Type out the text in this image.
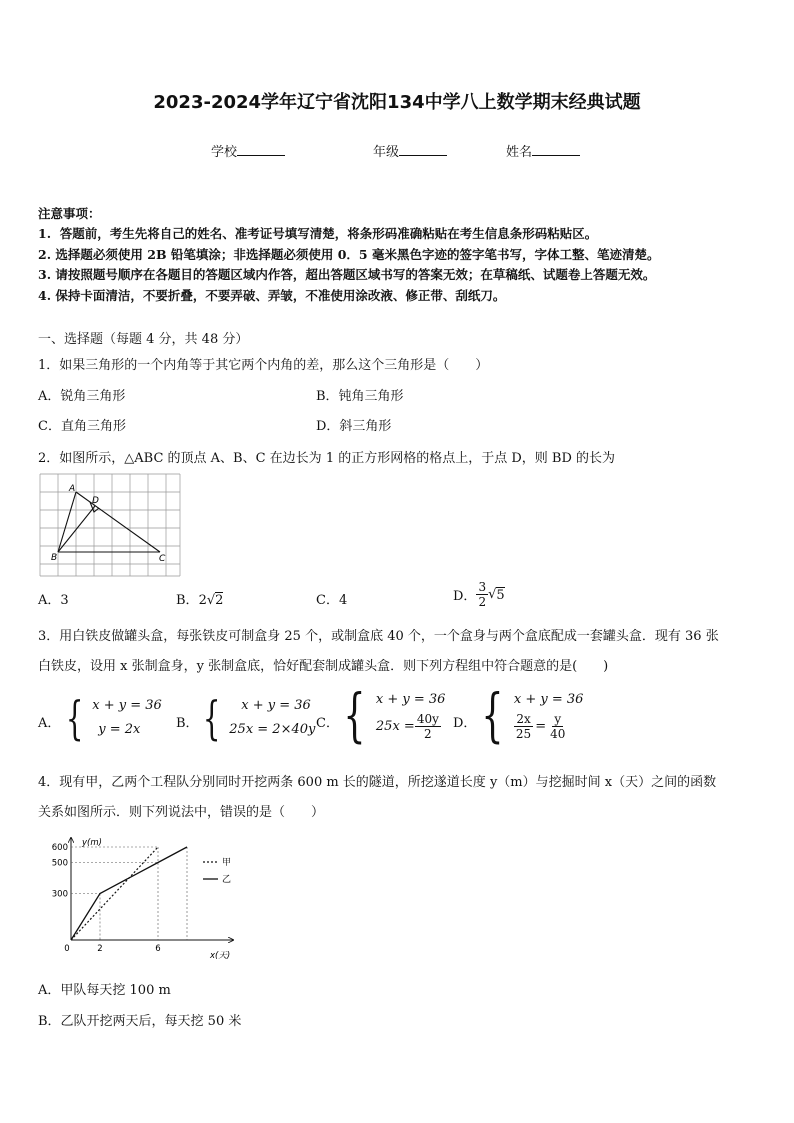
2023-2024学年辽宁省沈阳134中学八上数学期末经典试题
学校	年级	姓名
注意事项：
1.  答题前，考生先将自己的姓名、准考证号填写清楚，将条形码准确粘贴在考生信息条形码粘贴区。
2. 选择题必须使用 2B 铅笔填涂；非选择题必须使用 0．5 毫米黑色字迹的签字笔书写，字体工整、笔迹清楚。
3. 请按照题号顺序在各题目的答题区域内作答，超出答题区域书写的答案无效；在草稿纸、试题卷上答题无效。
4. 保持卡面清洁，不要折叠，不要弄破、弄皱，不准使用涂改液、修正带、刮纸刀。
一、选择题（每题 4 分，共 48 分）
1．如果三角形的一个内角等于其它两个内角的差，那么这个三角形是（　　）
A．锐角三角形	B．钝角三角形
C．直角三角形	D．斜三角形
2．如图所示，△ABC 的顶点 A、B、C 在边长为 1 的正方形网格的格点上，于点 D，则 BD 的长为
A
D
B	C
A．3	B．2√2	C．4	D． $\frac{3}{2}$ √ 5
3．用白铁皮做罐头盒，每张铁皮可制盒身 25 个，或制盒底 40 个，一个盒身与两个盒底配成一套罐头盒．现有 36 张
白铁皮，设用 x 张制盒身，y 张制盒底，恰好配套制成罐头盒．则下列方程组中符合题意的是(　　)
A． { x + y = 36
y = 2x	B． {	x + y = 36
25x = 2×40y C． { x + y = 36
$25x = \frac{40y}{2}$ D． { x + y = 36
$\frac{2x}{25} = \frac{y}{40}$
4．现有甲，乙两个工程队分别同时开挖两条 600 m 长的隧道，所挖遂道长度 y（m）与挖掘时间 x（天）之间的函数
关系如图所示．则下列说法中，错误的是（　　）
600
500
300
0	2	6
y(m)
x(天)
甲
乙
A．甲队每天挖 100 m
B．乙队开挖两天后，每天挖 50 米
